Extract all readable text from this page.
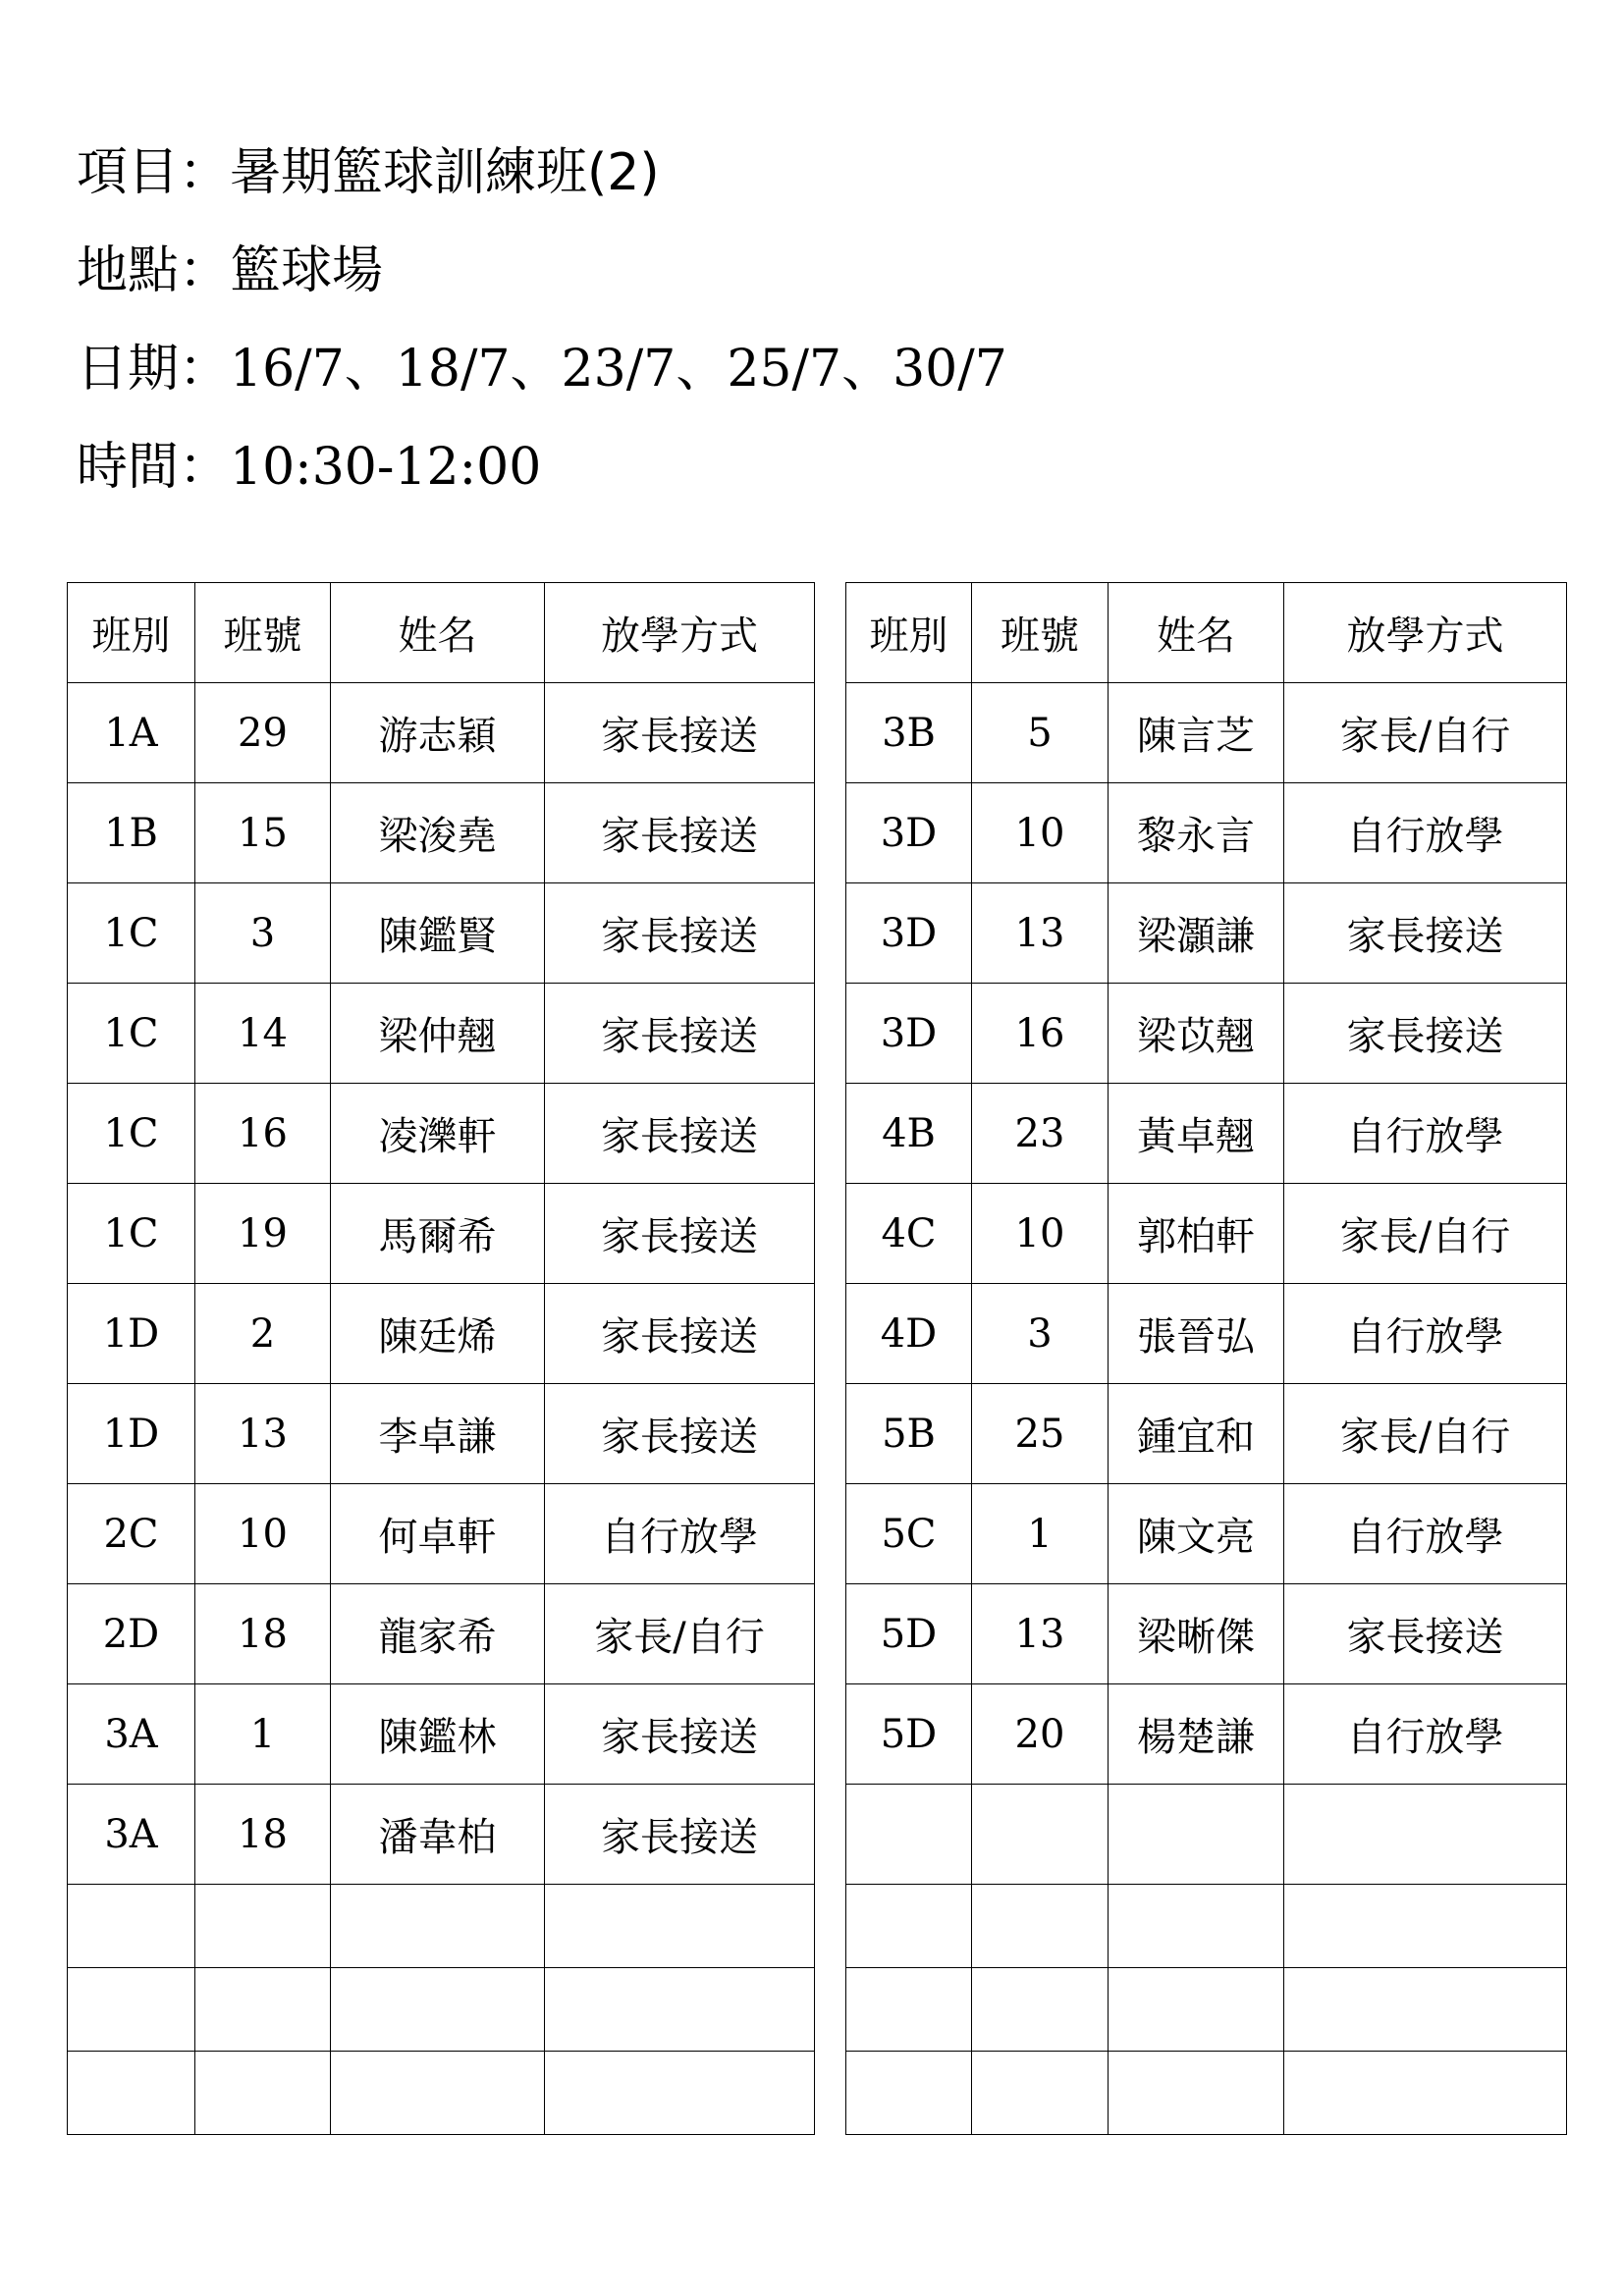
項目：暑期籃球訓練班(2)
地點：籃球場
日期：16/7、18/7、23/7、25/7、30/7
時間：10:30-12:00
班別	班號	姓名	放學方式
1A	29	游志穎	家長接送
1B	15	梁浚堯	家長接送
1C	3	陳鑑賢	家長接送
1C	14	梁仲翹	家長接送
1C	16	凌濼軒	家長接送
1C	19	馬爾希	家長接送
1D	2	陳廷烯	家長接送
1D	13	李卓謙	家長接送
2C	10	何卓軒	自行放學
2D	18	龍家希	家長/自行
3A	1	陳鑑林	家長接送
3A	18	潘韋柏	家長接送

班別	班號	姓名	放學方式
3B	5	陳言芝	家長/自行
3D	10	黎永言	自行放學
3D	13	梁灝謙	家長接送
3D	16	梁苡翹	家長接送
4B	23	黃卓翹	自行放學
4C	10	郭柏軒	家長/自行
4D	3	張晉弘	自行放學
5B	25	鍾宜和	家長/自行
5C	1	陳文亮	自行放學
5D	13	梁晰傑	家長接送
5D	20	楊楚謙	自行放學
